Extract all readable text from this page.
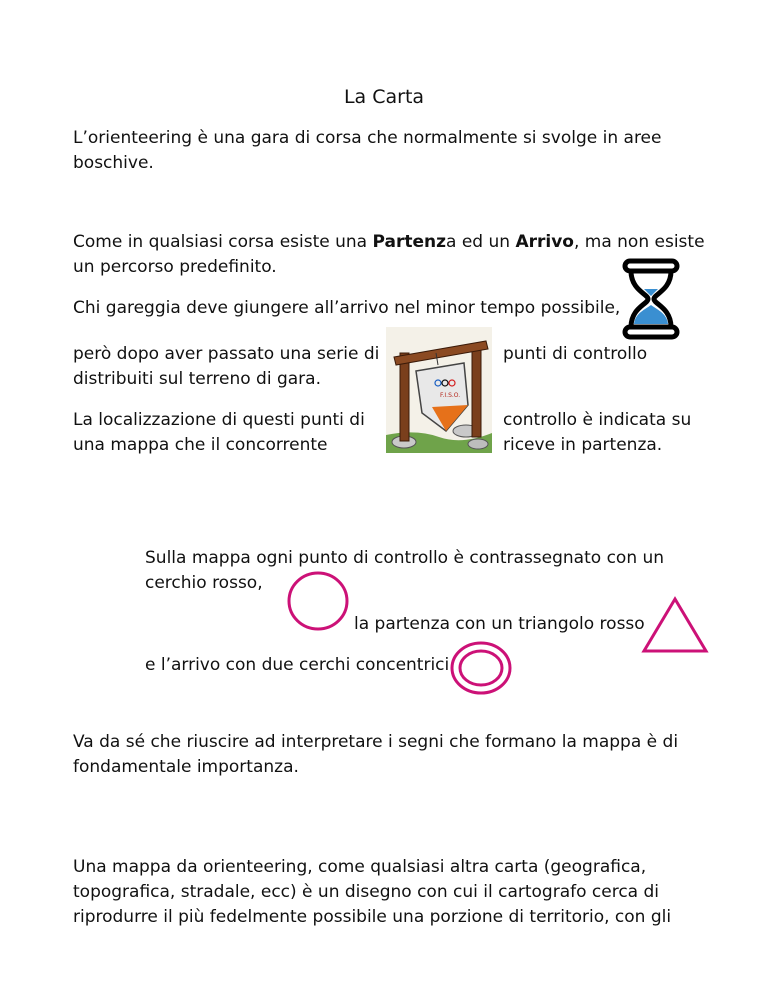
La Carta

L’orienteering è una gara di corsa che normalmente si svolge in aree

boschive.

Come in qualsiasi corsa esiste una Partenza ed un Arrivo, ma non esiste

un percorso predefinito.

Chi gareggia deve giungere all’arrivo nel minor tempo possibile,

però dopo aver passato una serie di

distribuiti sul terreno di gara.

La localizzazione di questi punti di

una mappa che il concorrente

F.I.S.O.

punti di controllo

controllo è indicata su

riceve in partenza.

Sulla mappa ogni punto di controllo è contrassegnato con un

cerchio rosso,

la partenza con un triangolo rosso

e l’arrivo con due cerchi concentrici

Va da sé che riuscire ad interpretare i segni che formano la mappa è di

fondamentale importanza.

Una mappa da orienteering, come qualsiasi altra carta (geografica,

topografica, stradale, ecc) è un disegno con cui il cartografo cerca di

riprodurre il più fedelmente possibile una porzione di territorio, con gli
